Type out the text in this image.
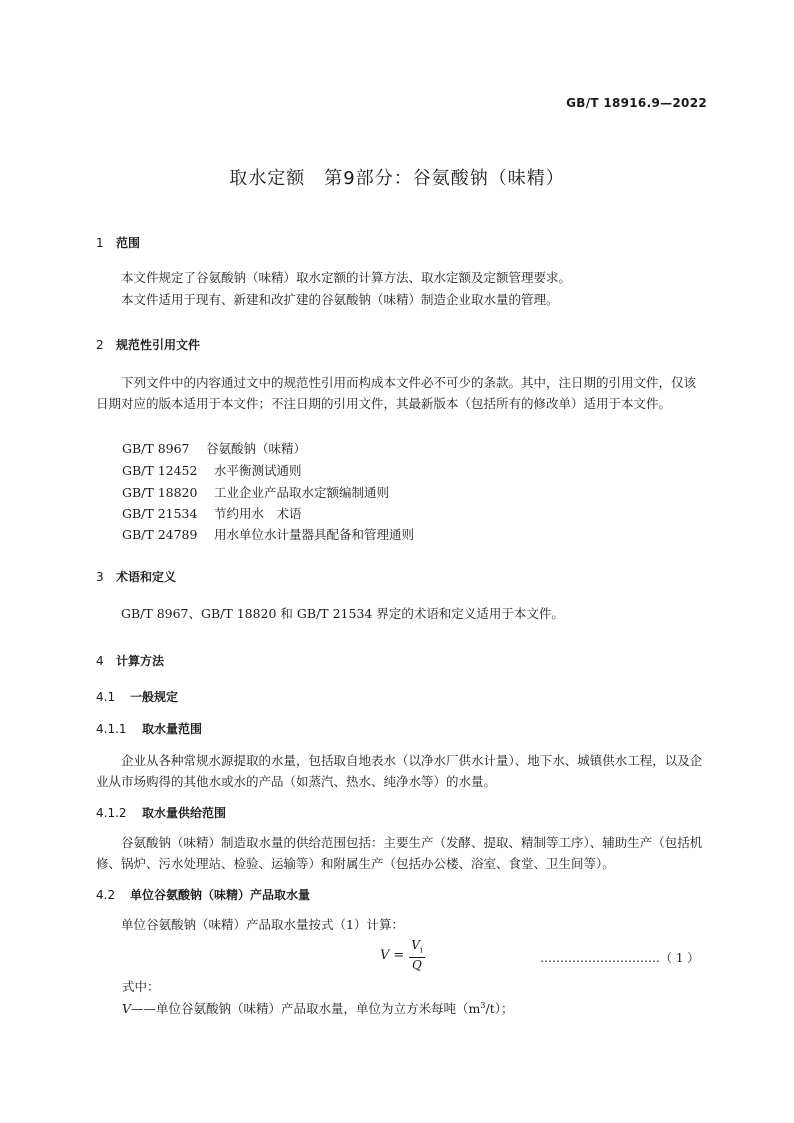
GB/T 18916.9—2022
取水定额　第9部分：谷氨酸钠（味精）
1 范围

本文件规定了谷氨酸钠（味精）取水定额的计算方法、取水定额及定额管理要求。

本文件适用于现有、新建和改扩建的谷氨酸钠（味精）制造企业取水量的管理。

2 规范性引用文件

下列文件中的内容通过文中的规范性引用而构成本文件必不可少的条款。其中，注日期的引用文件，仅该日期对应的版本适用于本文件；不注日期的引用文件，其最新版本（包括所有的修改单）适用于本文件。

GB/T 8967 谷氨酸钠（味精）
GB/T 12452 水平衡测试通则
GB/T 18820 工业企业产品取水定额编制通则
GB/T 21534 节约用水　术语
GB/T 24789 用水单位水计量器具配备和管理通则
3 术语和定义

GB/T 8967、GB/T 18820 和 GB/T 21534 界定的术语和定义适用于本文件。

4 计算方法
4.1 一般规定
4.1.1 取水量范围

企业从各种常规水源提取的水量，包括取自地表水（以净水厂供水计量）、地下水、城镇供水工程，以及企业从市场购得的其他水或水的产品（如蒸汽、热水、纯净水等）的水量。

4.1.2 取水量供给范围

谷氨酸钠（味精）制造取水量的供给范围包括：主要生产（发酵、提取、精制等工序）、辅助生产（包括机修、锅炉、污水处理站、检验、运输等）和附属生产（包括办公楼、浴室、食堂、卫生间等）。

4.2 单位谷氨酸钠（味精）产品取水量

单位谷氨酸钠（味精）产品取水量按式（1）计算：

$V = \frac{V_i}{Q}$	…………………………（ 1 ）
式中：
V——单位谷氨酸钠（味精）产品取水量，单位为立方米每吨$(m^3/t)$；
